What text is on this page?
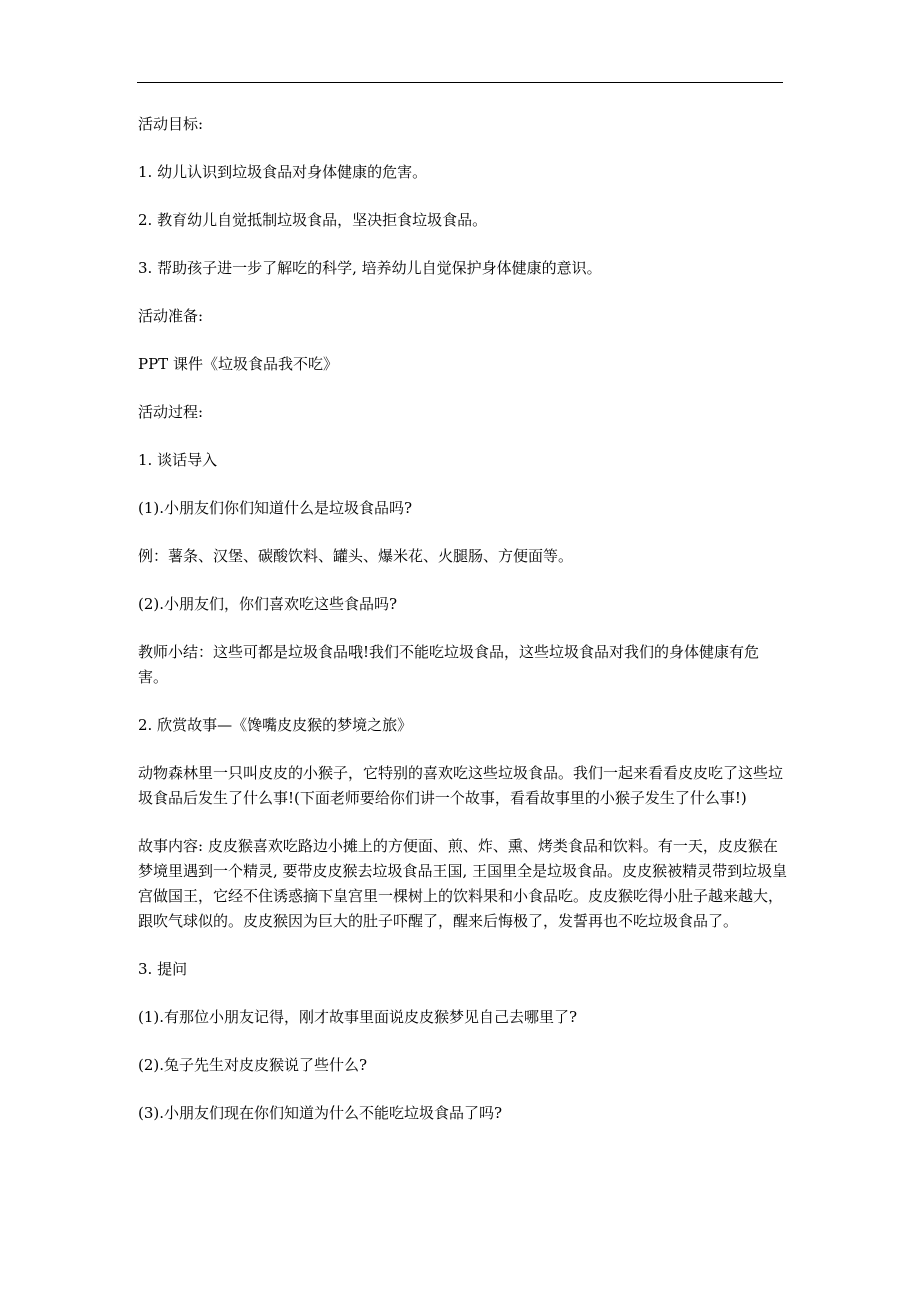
活动目标:

1. 幼儿认识到垃圾食品对身体健康的危害。

2. 教育幼儿自觉抵制垃圾食品，坚决拒食垃圾食品。

3. 帮助孩子进一步了解吃的科学, 培养幼儿自觉保护身体健康的意识。

活动准备:

PPT 课件《垃圾食品我不吃》

活动过程:

1. 谈话导入

(1).小朋友们你们知道什么是垃圾食品吗?

例：薯条、汉堡、碳酸饮料、罐头、爆米花、火腿肠、方便面等。

(2).小朋友们，你们喜欢吃这些食品吗?

教师小结：这些可都是垃圾食品哦!我们不能吃垃圾食品，这些垃圾食品对我们的身体健康有危害。

2. 欣赏故事—《馋嘴皮皮猴的梦境之旅》

动物森林里一只叫皮皮的小猴子，它特别的喜欢吃这些垃圾食品。我们一起来看看皮皮吃了这些垃圾食品后发生了什么事!(下面老师要给你们讲一个故事，看看故事里的小猴子发生了什么事!)

故事内容: 皮皮猴喜欢吃路边小摊上的方便面、煎、炸、熏、烤类食品和饮料。有一天，皮皮猴在梦境里遇到一个精灵, 要带皮皮猴去垃圾食品王国, 王国里全是垃圾食品。皮皮猴被精灵带到垃圾皇宫做国王，它经不住诱惑摘下皇宫里一棵树上的饮料果和小食品吃。皮皮猴吃得小肚子越来越大，跟吹气球似的。皮皮猴因为巨大的肚子吓醒了，醒来后悔极了，发誓再也不吃垃圾食品了。

3. 提问

(1).有那位小朋友记得，刚才故事里面说皮皮猴梦见自己去哪里了?

(2).兔子先生对皮皮猴说了些什么?

(3).小朋友们现在你们知道为什么不能吃垃圾食品了吗?
